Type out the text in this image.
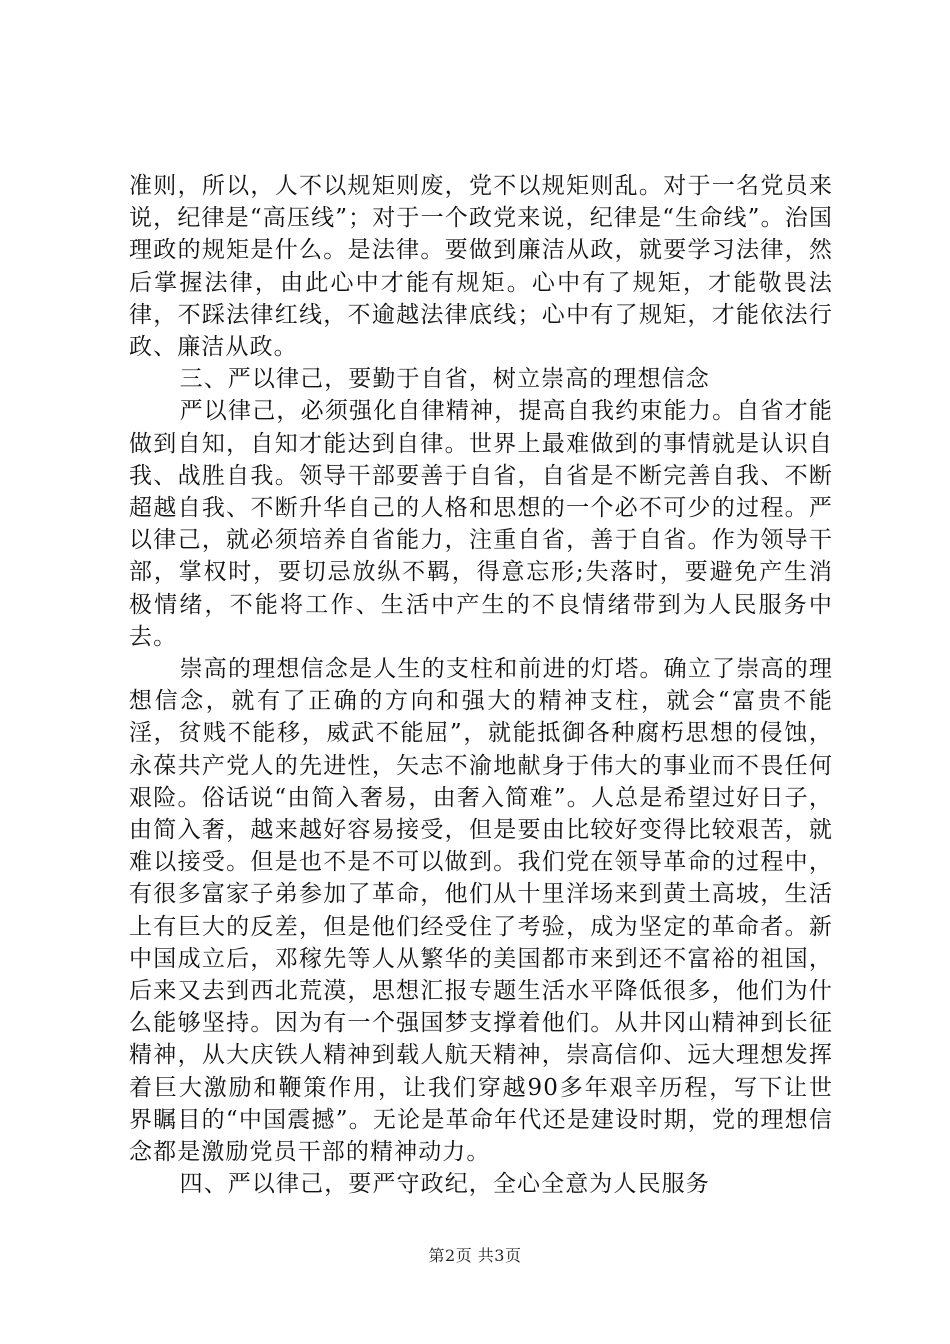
准则，所以，人不以规矩则废，党不以规矩则乱。对于一名党员来说，纪律是“高压线”；对于一个政党来说，纪律是“生命线”。治国理政的规矩是什么。是法律。要做到廉洁从政，就要学习法律，然后掌握法律，由此心中才能有规矩。心中有了规矩，才能敬畏法律，不踩法律红线，不逾越法律底线；心中有了规矩，才能依法行政、廉洁从政。

三、严以律己，要勤于自省，树立崇高的理想信念

严以律己，必须强化自律精神，提高自我约束能力。自省才能做到自知，自知才能达到自律。世界上最难做到的事情就是认识自我、战胜自我。领导干部要善于自省，自省是不断完善自我、不断超越自我、不断升华自己的人格和思想的一个必不可少的过程。严以律己，就必须培养自省能力，注重自省，善于自省。作为领导干部，掌权时，要切忌放纵不羁，得意忘形;失落时，要避免产生消极情绪，不能将工作、生活中产生的不良情绪带到为人民服务中去。

崇高的理想信念是人生的支柱和前进的灯塔。确立了崇高的理想信念，就有了正确的方向和强大的精神支柱，就会“富贵不能淫，贫贱不能移，威武不能屈”，就能抵御各种腐朽思想的侵蚀，永葆共产党人的先进性，矢志不渝地献身于伟大的事业而不畏任何艰险。俗话说“由简入奢易，由奢入简难”。人总是希望过好日子，由简入奢，越来越好容易接受，但是要由比较好变得比较艰苦，就难以接受。但是也不是不可以做到。我们党在领导革命的过程中，有很多富家子弟参加了革命，他们从十里洋场来到黄土高坡，生活上有巨大的反差，但是他们经受住了考验，成为坚定的革命者。新中国成立后，邓稼先等人从繁华的美国都市来到还不富裕的祖国，后来又去到西北荒漠，思想汇报专题生活水平降低很多，他们为什么能够坚持。因为有一个强国梦支撑着他们。从井冈山精神到长征精神，从大庆铁人精神到载人航天精神，崇高信仰、远大理想发挥着巨大激励和鞭策作用，让我们穿越90多年艰辛历程，写下让世界瞩目的“中国震撼”。无论是革命年代还是建设时期，党的理想信念都是激励党员干部的精神动力。

四、严以律己，要严守政纪，全心全意为人民服务

第2页 共3页
